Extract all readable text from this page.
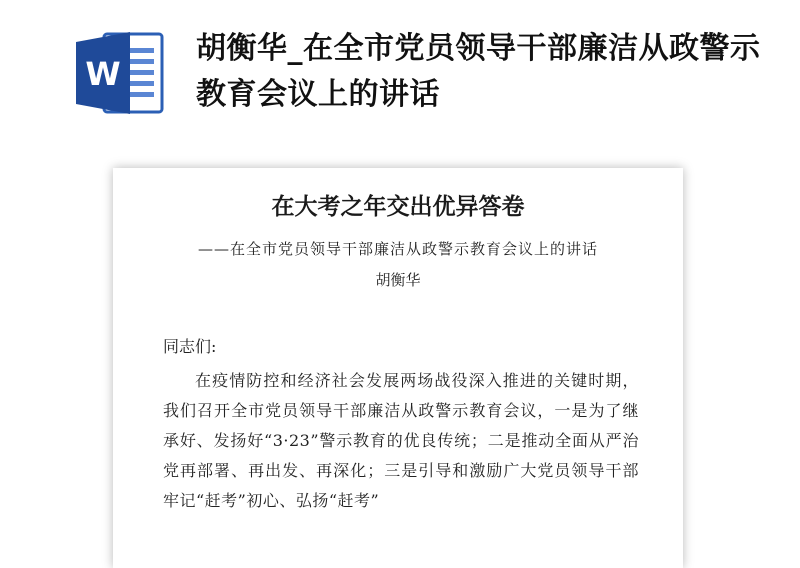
W
胡衡华_在全市党员领导干部廉洁从政警示教育会议上的讲话
在大考之年交出优异答卷
——在全市党员领导干部廉洁从政警示教育会议上的讲话
胡衡华
同志们:
在疫情防控和经济社会发展两场战役深入推进的关键时期，我们召开全市党员领导干部廉洁从政警示教育会议，一是为了继承好、发扬好“3·23”警示教育的优良传统；二是推动全面从严治党再部署、再出发、再深化；三是引导和激励广大党员领导干部牢记“赶考”初心、弘扬“赶考”
